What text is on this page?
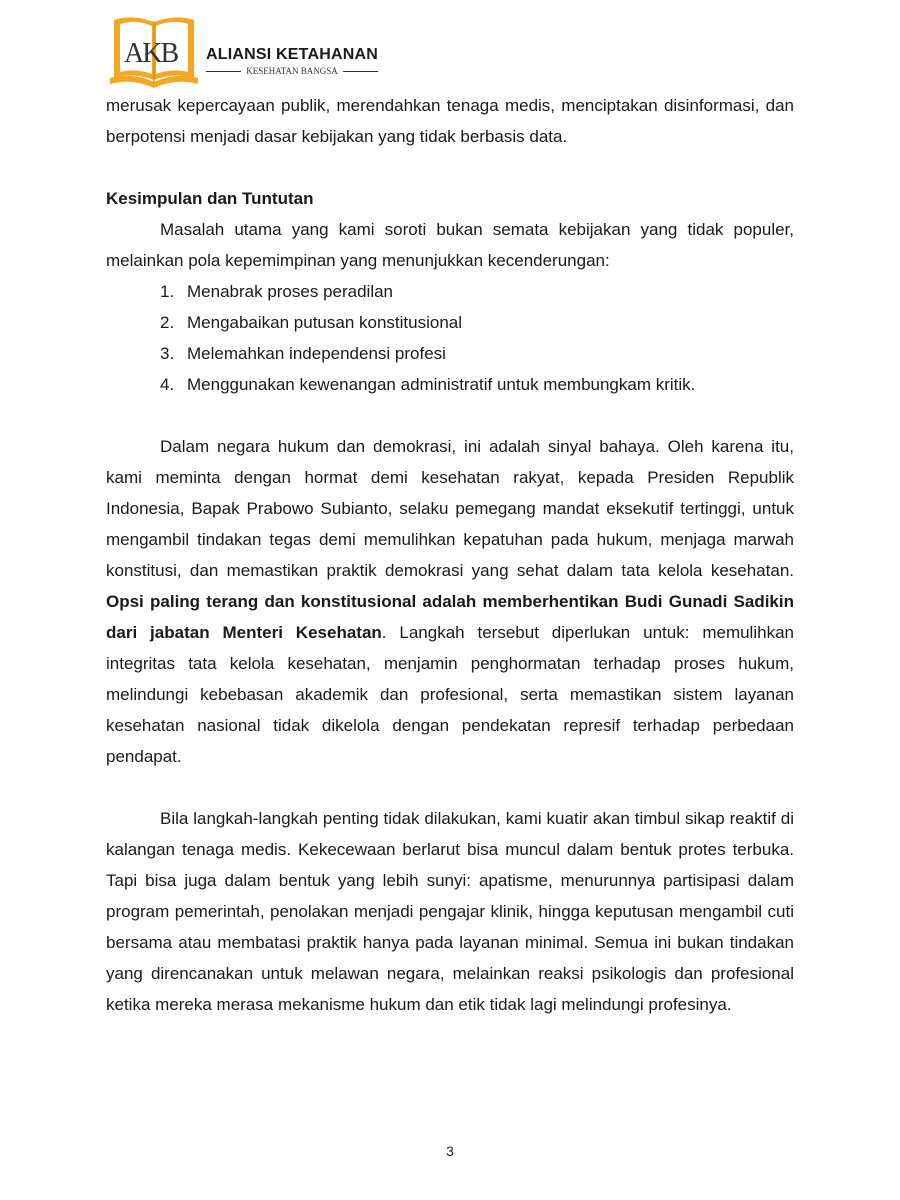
AKB ALIANSI KETAHANAN
KESEHATAN BANGSA

merusak kepercayaan publik, merendahkan tenaga medis, menciptakan disinformasi, dan berpotensi menjadi dasar kebijakan yang tidak berbasis data.

Kesimpulan dan Tuntutan

Masalah utama yang kami soroti bukan semata kebijakan yang tidak populer, melainkan pola kepemimpinan yang menunjukkan kecenderungan:

1. Menabrak proses peradilan
2. Mengabaikan putusan konstitusional
3. Melemahkan independensi profesi
4. Menggunakan kewenangan administratif untuk membungkam kritik.

Dalam negara hukum dan demokrasi, ini adalah sinyal bahaya. Oleh karena itu, kami meminta dengan hormat demi kesehatan rakyat, kepada Presiden Republik Indonesia, Bapak Prabowo Subianto, selaku pemegang mandat eksekutif tertinggi, untuk mengambil tindakan tegas demi memulihkan kepatuhan pada hukum, menjaga marwah konstitusi, dan memastikan praktik demokrasi yang sehat dalam tata kelola kesehatan. Opsi paling terang dan konstitusional adalah memberhentikan Budi Gunadi Sadikin dari jabatan Menteri Kesehatan. Langkah tersebut diperlukan untuk: memulihkan integritas tata kelola kesehatan, menjamin penghormatan terhadap proses hukum, melindungi kebebasan akademik dan profesional, serta memastikan sistem layanan kesehatan nasional tidak dikelola dengan pendekatan represif terhadap perbedaan pendapat.

Bila langkah-langkah penting tidak dilakukan, kami kuatir akan timbul sikap reaktif di kalangan tenaga medis. Kekecewaan berlarut bisa muncul dalam bentuk protes terbuka. Tapi bisa juga dalam bentuk yang lebih sunyi: apatisme, menurunnya partisipasi dalam program pemerintah, penolakan menjadi pengajar klinik, hingga keputusan mengambil cuti bersama atau membatasi praktik hanya pada layanan minimal. Semua ini bukan tindakan yang direncanakan untuk melawan negara, melainkan reaksi psikologis dan profesional ketika mereka merasa mekanisme hukum dan etik tidak lagi melindungi profesinya.

3
